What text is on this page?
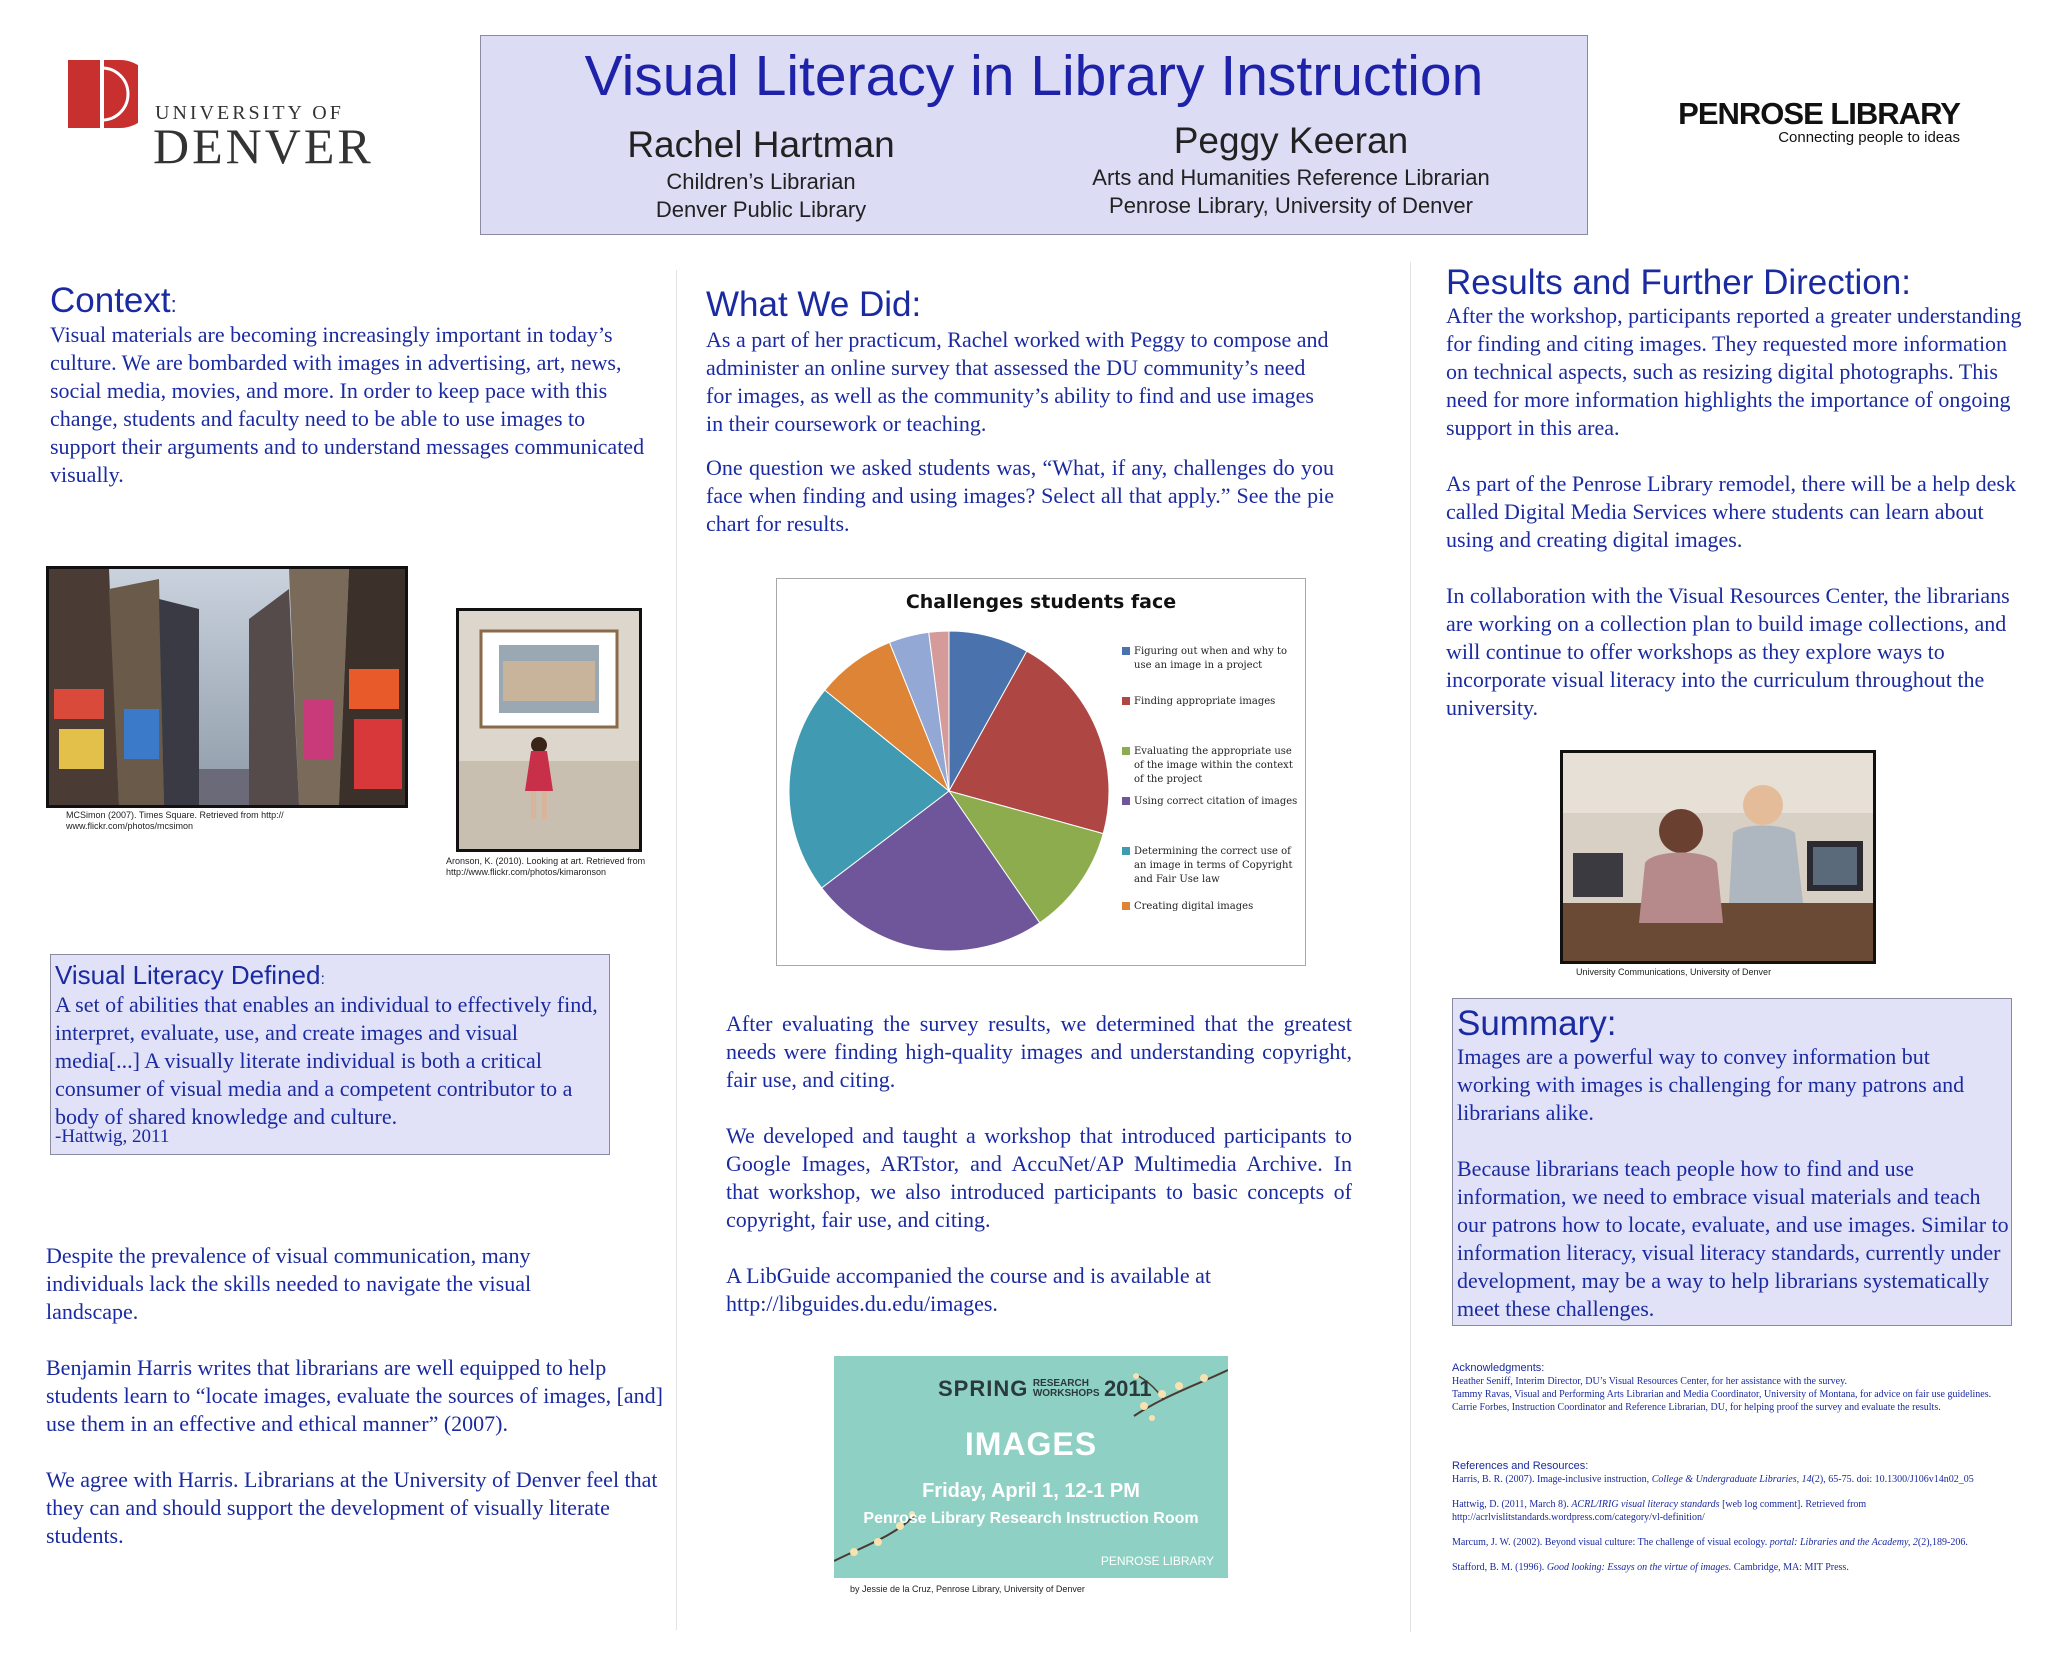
UNIVERSITY OF
DENVER
Visual Literacy in Library Instruction
Rachel Hartman
Children’s Librarian
Denver Public Library
Peggy Keeran
Arts and Humanities Reference Librarian
Penrose Library, University of Denver
PENROSE LIBRARY
Connecting people to ideas
Context:

Visual materials are becoming increasingly important in today’s culture. We are bombarded with images in advertising, art, news, social media, movies, and more. In order to keep pace with this change, students and faculty need to be able to use images to support their arguments and to understand messages communicated visually.

MCSimon (2007). Times Square. Retrieved from http:// www.flickr.com/photos/mcsimon
Aronson, K. (2010). Looking at art. Retrieved from http://www.flickr.com/photos/kimaronson
Visual Literacy Defined:

A set of abilities that enables an individual to effectively find, interpret, evaluate, use, and create images and visual media[...] A visually literate individual is both a critical consumer of visual media and a competent contributor to a body of shared knowledge and culture.

-Hattwig, 2011

Despite the prevalence of visual communication, many individuals lack the skills needed to navigate the visual landscape.

Benjamin Harris writes that librarians are well equipped to help students learn to “locate images, evaluate the sources of images, [and] use them in an effective and ethical manner” (2007).

We agree with Harris. Librarians at the University of Denver feel that they can and should support the development of visually literate students.

What We Did:

As a part of her practicum, Rachel worked with Peggy to compose and administer an online survey that assessed the DU community’s need for images, as well as the community’s ability to find and use images in their coursework or teaching.

One question we asked students was, “What, if any, challenges do you face when finding and using images? Select all that apply.” See the pie chart for results.

Challenges students face
Figuring out when and why to use an image in a project
Finding appropriate images
Evaluating the appropriate use of the image within the context of the project
Using correct citation of images
Determining the correct use of an image in terms of Copyright and Fair Use law
Creating digital images

After evaluating the survey results, we determined that the greatest needs were finding high-quality images and understanding copyright, fair use, and citing.

We developed and taught a workshop that introduced participants to Google Images, ARTstor, and AccuNet/AP Multimedia Archive. In that workshop, we also introduced participants to basic concepts of copyright, fair use, and citing.

A LibGuide accompanied the course and is available at

http://libguides.du.edu/images.

SPRING RESEARCH
WORKSHOPS 2011
IMAGES
Friday, April 1, 12-1 PM
Penrose Library Research Instruction Room
PENROSE LIBRARY
by Jessie de la Cruz, Penrose Library, University of Denver
Results and Further Direction:

After the workshop, participants reported a greater understanding for finding and citing images. They requested more information on technical aspects, such as resizing digital photographs. This need for more information highlights the importance of ongoing support in this area.

As part of the Penrose Library remodel, there will be a help desk called Digital Media Services where students can learn about using and creating digital images.

In collaboration with the Visual Resources Center, the librarians are working on a collection plan to build image collections, and will continue to offer workshops as they explore ways to incorporate visual literacy into the curriculum throughout the university.

University Communications, University of Denver
Summary:

Images are a powerful way to convey information but working with images is challenging for many patrons and librarians alike.

Because librarians teach people how to find and use information, we need to embrace visual materials and teach our patrons how to locate, evaluate, and use images. Similar to information literacy, visual literacy standards, currently under development, may be a way to help librarians systematically meet these challenges.

Acknowledgments:
Heather Seniff, Interim Director, DU’s Visual Resources Center, for her assistance with the survey.
Tammy Ravas, Visual and Performing Arts Librarian and Media Coordinator, University of Montana, for advice on fair use guidelines.
Carrie Forbes, Instruction Coordinator and Reference Librarian, DU, for helping proof the survey and evaluate the results.
References and Resources:
Harris, B. R. (2007). Image-inclusive instruction, College & Undergraduate Libraries, 14(2), 65-75. doi: 10.1300/J106v14n02_05
Hattwig, D. (2011, March 8). ACRL/IRIG visual literacy standards [web log comment]. Retrieved from http://acrlvislitstandards.wordpress.com/category/vl-definition/
Marcum, J. W. (2002). Beyond visual culture: The challenge of visual ecology. portal: Libraries and the Academy, 2(2),189-206.
Stafford, B. M. (1996). Good looking: Essays on the virtue of images. Cambridge, MA: MIT Press.
